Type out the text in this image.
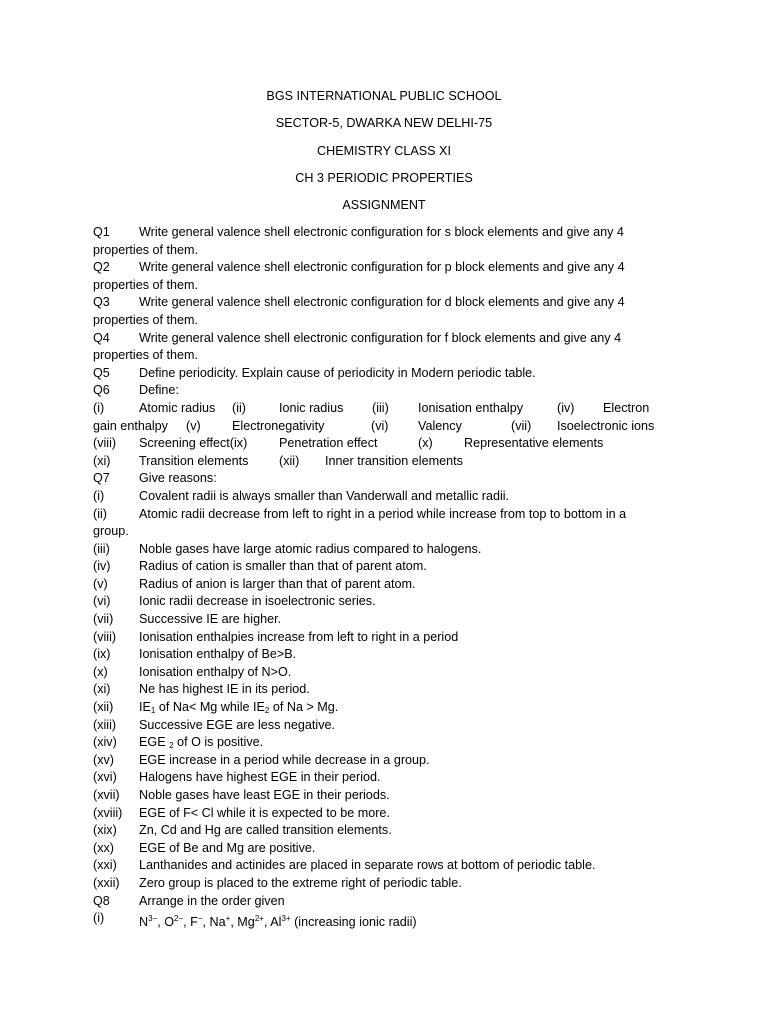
BGS INTERNATIONAL PUBLIC SCHOOL
SECTOR-5, DWARKA NEW DELHI-75
CHEMISTRY CLASS XI
CH 3 PERIODIC PROPERTIES
ASSIGNMENT
Q1	Write general valence shell electronic configuration for s block elements and give any 4
properties of them.
Q2	Write general valence shell electronic configuration for p block elements and give any 4
properties of them.
Q3	Write general valence shell electronic configuration for d block elements and give any 4
properties of them.
Q4	Write general valence shell electronic configuration for f block elements and give any 4
properties of them.
Q5	Define periodicity. Explain cause of periodicity in Modern periodic table.
Q6	Define:
(i)	Atomic radius	(ii)	Ionic radius	(iii)	Ionisation enthalpy	(iv)	Electron
gain enthalpy	(v)	Electronegativity	(vi)	Valency	(vii)	Isoelectronic ions
(viii)	Screening effect(ix)	Penetration effect	(x)	Representative elements
(xi)	Transition elements	(xii)	Inner transition elements
Q7	Give reasons:
(i)	Covalent radii is always smaller than Vanderwall and metallic radii.
(ii)	Atomic radii decrease from left to right in a period while increase from top to bottom in a
group.
(iii)	Noble gases have large atomic radius compared to halogens.
(iv)	Radius of cation is smaller than that of parent atom.
(v)	Radius of anion is larger than that of parent atom.
(vi)	Ionic radii decrease in isoelectronic series.
(vii)	Successive IE are higher.
(viii)	Ionisation enthalpies increase from left to right in a period
(ix)	Ionisation enthalpy of Be>B.
(x)	Ionisation enthalpy of N>O.
(xi)	Ne has highest IE in its period.
(xii)	$IE_1$ of Na< Mg while $IE_2$ of Na > Mg.
(xiii)	Successive EGE are less negative.
(xiv)	EGE $_2$ of O is positive.
(xv)	EGE increase in a period while decrease in a group.
(xvi)	Halogens have highest EGE in their period.
(xvii)	Noble gases have least EGE in their periods.
(xviii)	EGE of F< Cl while it is expected to be more.
(xix)	Zn, Cd and Hg are called transition elements.
(xx)	EGE of Be and Mg are positive.
(xxi)	Lanthanides and actinides are placed in separate rows at bottom of periodic table.
(xxii)	Zero group is placed to the extreme right of periodic table.
Q8	Arrange in the order given
(i)	$N^{3-}$, $O^{2-}$, F−, Na+, $Mg^{2+}$, $Al^{3+}$ (increasing ionic radii)
